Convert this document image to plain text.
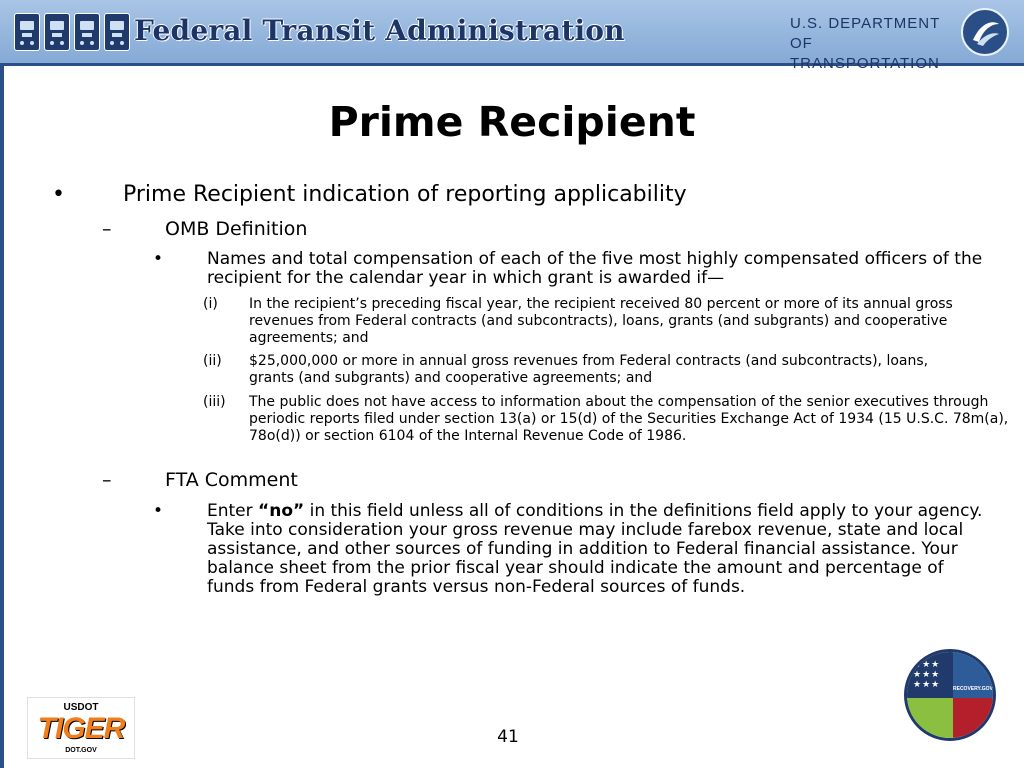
Federal Transit Administration	U.S. DEPARTMENT OF
TRANSPORTATION
Prime Recipient
•	Prime Recipient indication of reporting applicability
–	OMB Definition
•	Names and total compensation of each of the five most highly compensated officers of the recipient for the calendar year in which grant is awarded if—
(i) In the recipient’s preceding fiscal year, the recipient received 80 percent or more of its annual gross revenues from Federal contracts (and subcontracts), loans, grants (and subgrants) and cooperative agreements; and
(ii) $25,000,000 or more in annual gross revenues from Federal contracts (and subcontracts), loans, grants (and subgrants) and cooperative agreements; and
(iii) The public does not have access to information about the compensation of the senior executives through periodic reports filed under section 13(a) or 15(d) of the Securities Exchange Act of 1934 (15 U.S.C. 78m(a), 78o(d)) or section 6104 of the Internal Revenue Code of 1986.
–	FTA Comment
•	Enter “no” in this field unless all of conditions in the definitions field apply to your agency. Take into consideration your gross revenue may include farebox revenue, state and local assistance, and other sources of funding in addition to Federal financial assistance. Your balance sheet from the prior fiscal year should indicate the amount and percentage of funds from Federal grants versus non-Federal sources of funds.
USDOT
TIGER
DOT.GOV
41
★★★
★★★
★★★	RECOVERY.GOV
